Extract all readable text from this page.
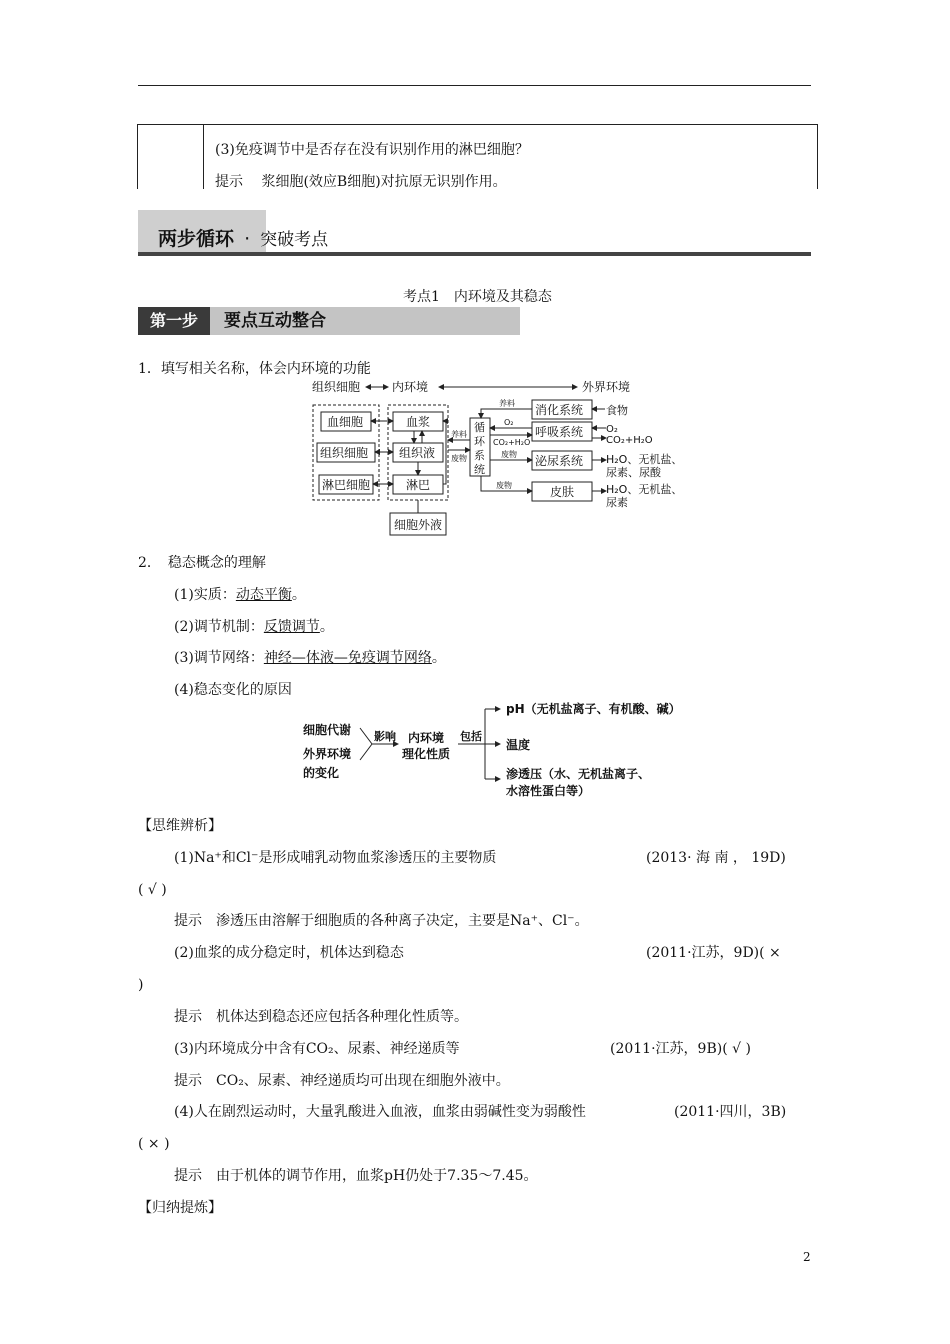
(3)免疫调节中是否存在没有识别作用的淋巴细胞？
提示　 浆细胞(效应B细胞)对抗原无识别作用。
两步循环 · 突破考点
考点1　内环境及其稳态
第一步	要点互动整合
1．填写相关名称，体会内环境的功能
组织细胞	内环境	外界环境
血细胞
组织细胞
淋巴细胞
血浆
组织液
淋巴
细胞外液
循
环
系
统
养料
养料
废物
O₂
CO₂+H₂O
废物
废物
消化系统
呼吸系统
泌尿系统
皮肤
食物
O₂
CO₂+H₂O
H₂O、无机盐、
尿素、尿酸
H₂O、无机盐、
尿素
2．　稳态概念的理解
(1)实质：动态平衡。
(2)调节机制：反馈调节。
(3)调节网络：神经—体液—免疫调节网络。
(4)稳态变化的原因
细胞代谢
外界环境
的变化
影响 内环境
理化性质
包括
pH（无机盐离子、有机酸、碱）
温度
渗透压（水、无机盐离子、
水溶性蛋白等）
【思维辨析】
(1)Na⁺和Cl⁻是形成哺乳动物血浆渗透压的主要物质	(2013· 海 南 ， 19D)
( √ )
提示　渗透压由溶解于细胞质的各种离子决定，主要是Na⁺、Cl⁻。
(2)血浆的成分稳定时，机体达到稳态	(2011·江苏，9D)( ×
)
提示　机体达到稳态还应包括各种理化性质等。
(3)内环境成分中含有CO₂、尿素、神经递质等	(2011·江苏，9B)( √ )
提示　CO₂、尿素、神经递质均可出现在细胞外液中。
(4)人在剧烈运动时，大量乳酸进入血液，血浆由弱碱性变为弱酸性	(2011·四川，3B)
( × )
提示　由于机体的调节作用，血浆pH仍处于7.35～7.45。
【归纳提炼】
2
